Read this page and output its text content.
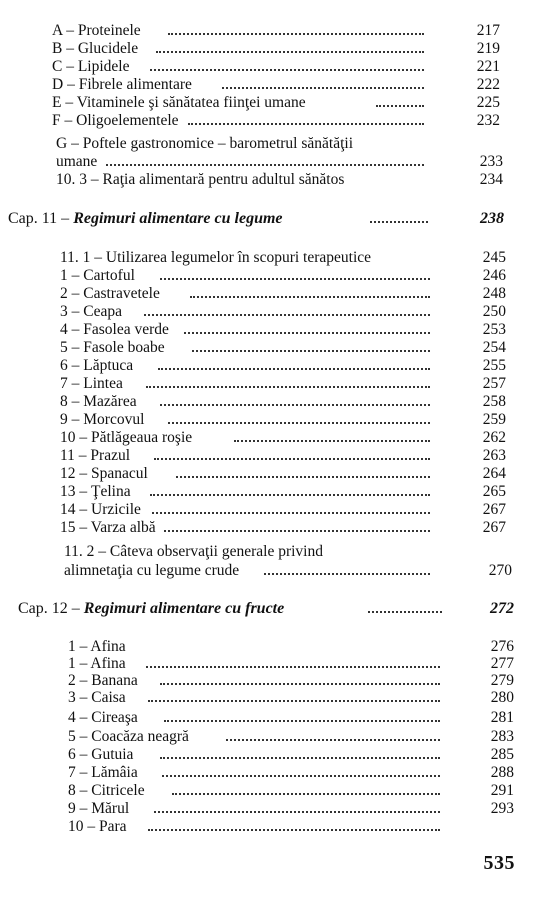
A – Proteinele	217
B – Glucidele	219
C – Lipidele	221
D – Fibrele alimentare	222
E – Vitaminele şi sănătatea fiinţei umane	225
F – Oligoelementele	232
G – Poftele gastronomice – barometrul sănătăţii
umane	233
10. 3 – Raţia alimentară pentru adultul sănătos	234
Cap. 11 – Regimuri alimentare cu legume	238
11. 1 – Utilizarea legumelor în scopuri terapeutice	245
1 – Cartoful	246
2 – Castravetele	248
3 – Ceapa	250
4 – Fasolea verde	253
5 – Fasole boabe	254
6 – Lăptuca	255
7 – Lintea	257
8 – Mazărea	258
9 – Morcovul	259
10 – Pătlăgeaua roşie	262
11 – Prazul	263
12 – Spanacul	264
13 – Ţelina	265
14 – Urzicile	267
15 – Varza albă	267
11. 2 – Câteva observaţii generale privind
alimnetaţia cu legume crude	270
Cap. 12 – Regimuri alimentare cu fructe	272
1 – Afina	276
1 – Afina	277
2 – Banana	279
3 – Caisa	280
4 – Cireaşa	281
5 – Coacăza neagră	283
6 – Gutuia	285
7 – Lămâia	288
8 – Citricele	291
9 – Mărul	293
10 – Para
535
